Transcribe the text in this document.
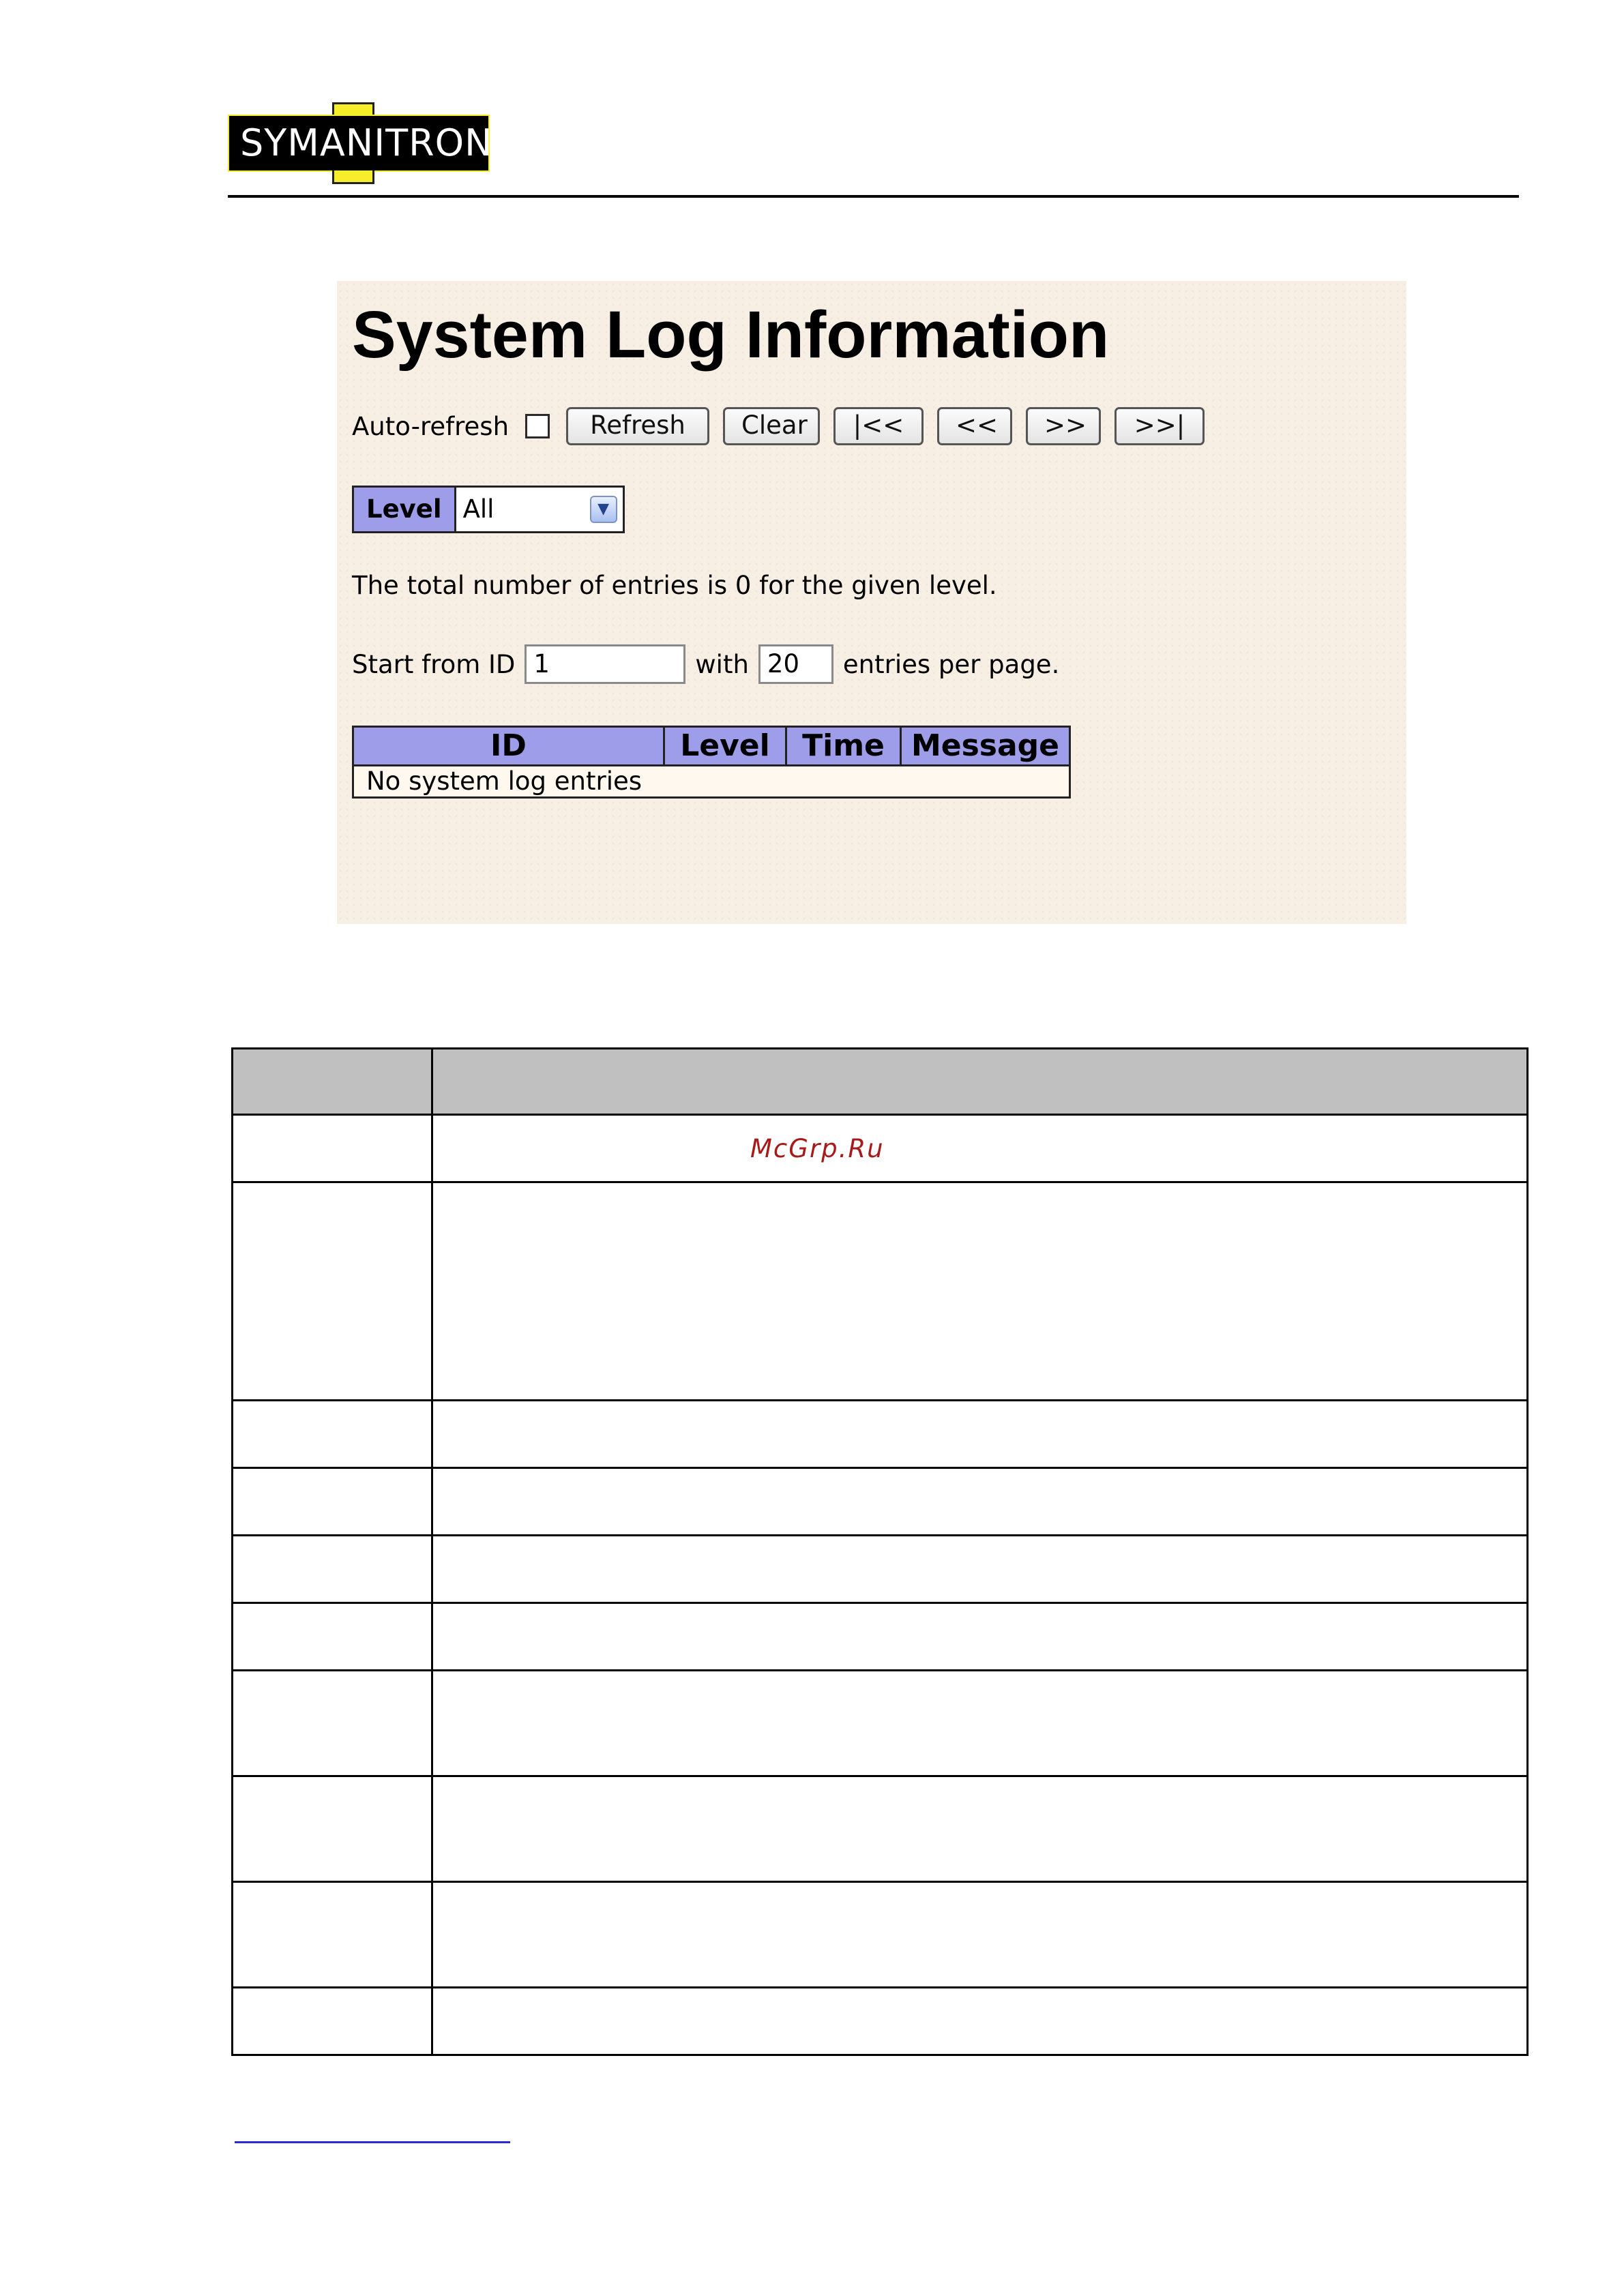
SYMANITRON
System Log Information
Auto-refresh	Refresh	Clear	|<<	<<	>>	>>|
Level All	▼
The total number of entries is 0 for the given level.
Start from ID 1	with 20	entries per page.
ID	Level	Time	Message
No system log entries

	McGrp.Ru
